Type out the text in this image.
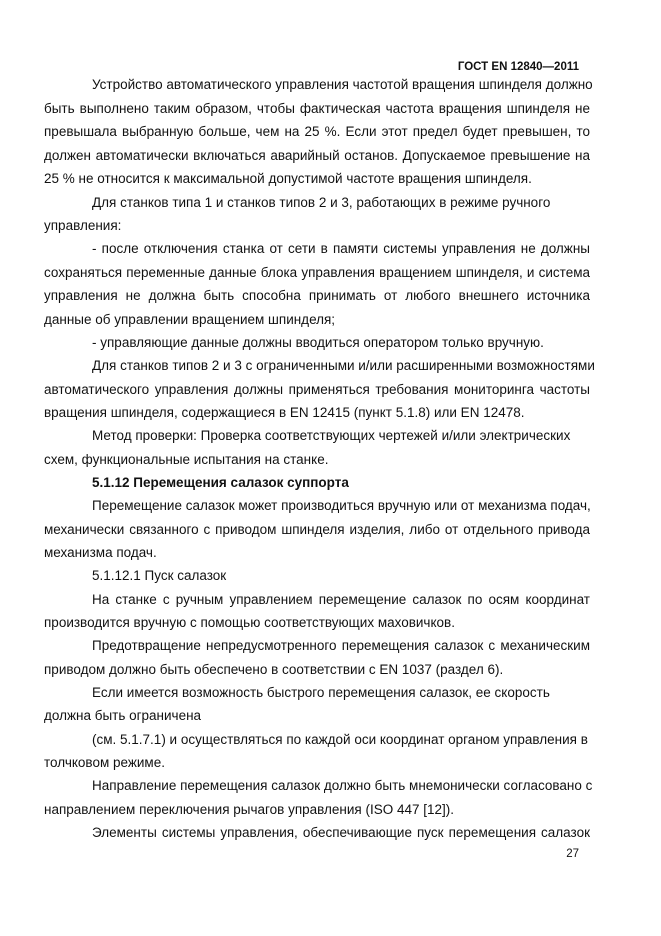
ГОСТ EN 12840—2011
Устройство автоматического управления частотой вращения шпинделя должно
быть выполнено таким образом, чтобы фактическая частота вращения шпинделя не
превышала выбранную больше, чем на 25 %. Если этот предел будет превышен, то
должен автоматически включаться аварийный останов. Допускаемое превышение на
25 % не относится к максимальной допустимой частоте вращения шпинделя.
Для станков типа 1 и станков типов 2 и 3, работающих в режиме ручного
управления:
- после отключения станка от сети в памяти системы управления не должны
сохраняться переменные данные блока управления вращением шпинделя, и система
управления не должна быть способна принимать от любого внешнего источника
данные об управлении вращением шпинделя;
- управляющие данные должны вводиться оператором только вручную.
Для станков типов 2 и 3 с ограниченными и/или расширенными возможностями
автоматического управления должны применяться требования мониторинга частоты
вращения шпинделя, содержащиеся в EN 12415 (пункт 5.1.8) или EN 12478.
Метод проверки: Проверка соответствующих чертежей и/или электрических
схем, функциональные испытания на станке.
5.1.12 Перемещения салазок суппорта
Перемещение салазок может производиться вручную или от механизма подач,
механически связанного с приводом шпинделя изделия, либо от отдельного привода
механизма подач.
5.1.12.1 Пуск салазок
На станке с ручным управлением перемещение салазок по осям координат
производится вручную с помощью соответствующих маховичков.
Предотвращение непредусмотренного перемещения салазок с механическим
приводом должно быть обеспечено в соответствии с EN 1037 (раздел 6).
Если имеется возможность быстрого перемещения салазок, ее скорость
должна быть ограничена
(см. 5.1.7.1) и осуществляться по каждой оси координат органом управления в
толчковом режиме.
Направление перемещения салазок должно быть мнемонически согласовано с
направлением переключения рычагов управления (ISO 447 [12]).
Элементы системы управления, обеспечивающие пуск перемещения салазок
27
